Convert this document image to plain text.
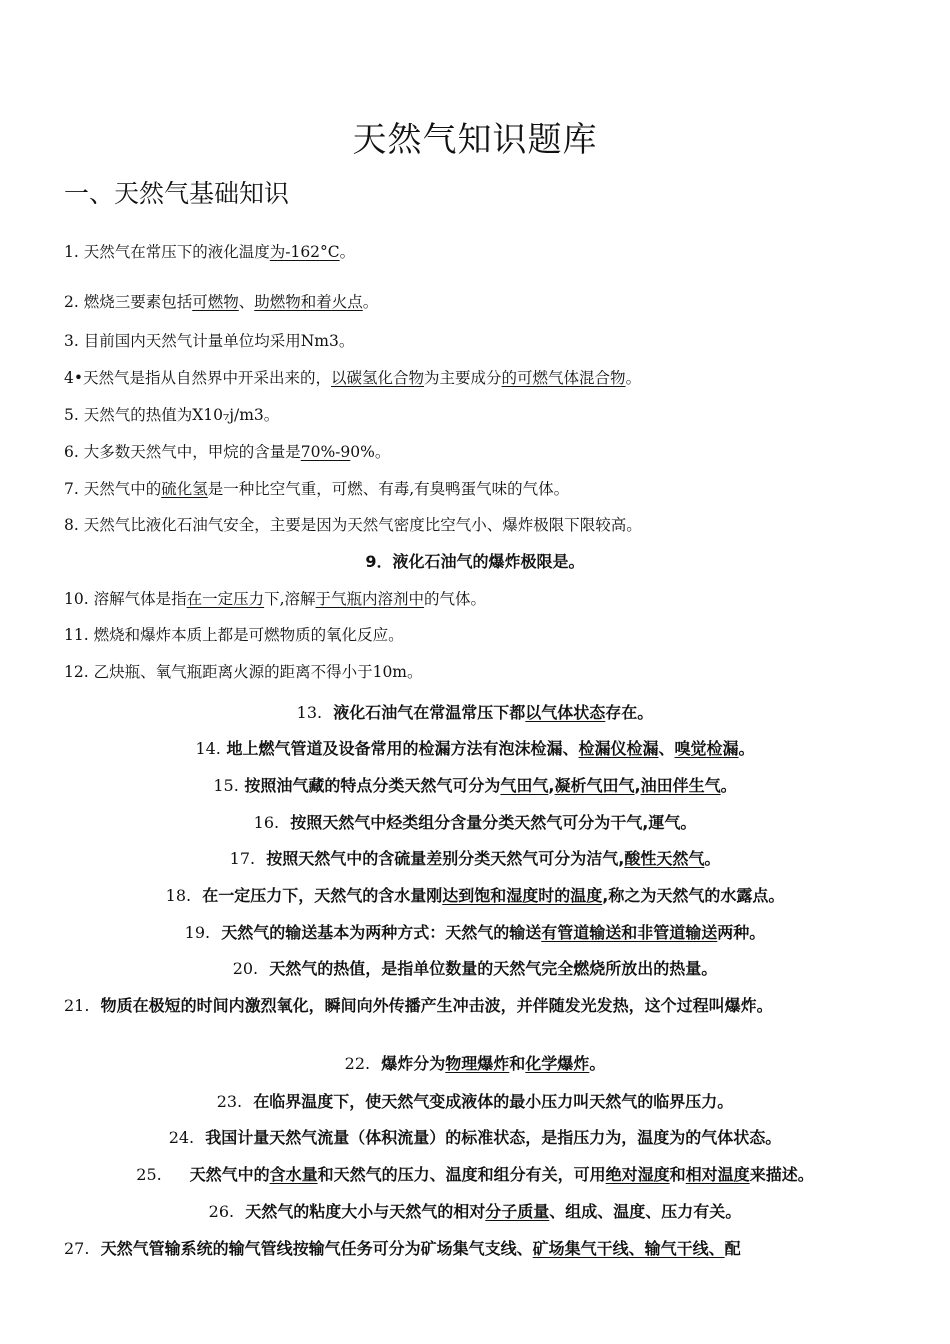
天然气知识题库
一、天然气基础知识
1. 天然气在常压下的液化温度为-162°C。
2. 燃烧三要素包括可燃物、助燃物和着火点。
3. 目前国内天然气计量单位均采用Nm3。
4•天然气是指从自然界中开采出来的，以碳氢化合物为主要成分的可燃气体混合物。
5. 天然气的热值为X10₇j/m3。
6. 大多数天然气中，甲烷的含量是70%-90%。
7. 天然气中的硫化氢是一种比空气重，可燃、有毒,有臭鸭蛋气味的气体。
8. 天然气比液化石油气安全，主要是因为天然气密度比空气小、爆炸极限下限较高。
9．液化石油气的爆炸极限是。
10. 溶解气体是指在一定压力下,溶解于气瓶内溶剂中的气体。
11. 燃烧和爆炸本质上都是可燃物质的氧化反应。
12. 乙炔瓶、氧气瓶距离火源的距离不得小于10m。
13. 液化石油气在常温常压下都以气体状态存在。
14. 地上燃气管道及设备常用的检漏方法有泡沫检漏、检漏仪检漏、嗅觉检漏。
15. 按照油气藏的特点分类天然气可分为气田气,凝析气田气,油田伴生气。
16. 按照天然气中烃类组分含量分类天然气可分为干气,運气。
17. 按照天然气中的含硫量差别分类天然气可分为洁气,酸性天然气。
18. 在一定压力下，天然气的含水量刚达到饱和湿度时的温度,称之为天然气的水露点。
19. 天然气的输送基本为两种方式：天然气的输送有管道输送和非管道输送两种。
20. 天然气的热值，是指单位数量的天然气完全燃烧所放出的热量。
21. 物质在极短的时间内激烈氧化，瞬间向外传播产生冲击波，并伴随发光发热，这个过程叫爆炸。
22. 爆炸分为物理爆炸和化学爆炸。
23. 在临界温度下，使天然气变成液体的最小压力叫天然气的临界压力。
24. 我国计量天然气流量（体积流量）的标准状态，是指压力为，温度为的气体状态。
25. 天然气中的含水量和天然气的压力、温度和组分有关，可用绝对湿度和相对温度来描述。
26. 天然气的粘度大小与天然气的相对分子质量、组成、温度、压力有关。
27. 天然气管输系统的输气管线按输气任务可分为矿场集气支线、矿场集气干线、输气干线、配
